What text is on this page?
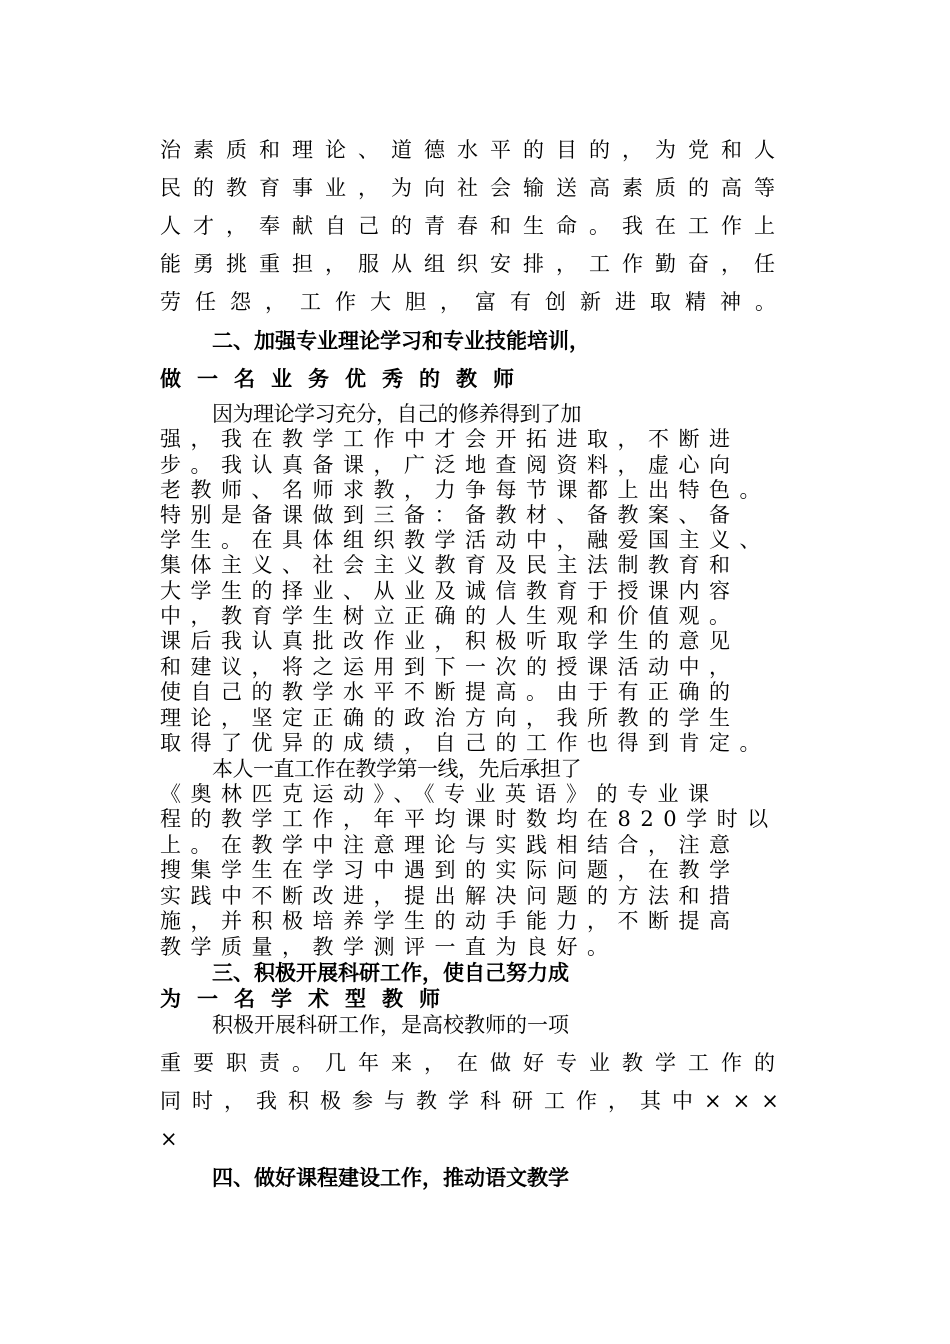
治素质和理论、道德水平的目的，为党和人
民的教育事业，为向社会输送高素质的高等
人才，奉献自己的青春和生命。我在工作上
能勇挑重担，服从组织安排，工作勤奋，任
劳任怨，工作大胆，富有创新进取精神。
二、加强专业理论学习和专业技能培训，
做一名业务优秀的教师
因为理论学习充分，自己的修养得到了加
强，我在教学工作中才会开拓进取，不断进
步。我认真备课，广泛地查阅资料，虚心向
老教师、名师求教，力争每节课都上出特色。
特别是备课做到三备：备教材、备教案、备
学生。在具体组织教学活动中，融爱国主义、
集体主义、社会主义教育及民主法制教育和
大学生的择业、从业及诚信教育于授课内容
中，教育学生树立正确的人生观和价值观。
课后我认真批改作业，积极听取学生的意见
和建议，将之运用到下一次的授课活动中，
使自己的教学水平不断提高。由于有正确的
理论，坚定正确的政治方向，我所教的学生
取得了优异的成绩，自己的工作也得到肯定。
本人一直工作在教学第一线，先后承担了
《奥林匹克运动》、《专业英语》的专业课
程的教学工作，年平均课时数均在820学时以
上。在教学中注意理论与实践相结合，注意
搜集学生在学习中遇到的实际问题，在教学
实践中不断改进，提出解决问题的方法和措
施，并积极培养学生的动手能力，不断提高
教学质量，教学测评一直为良好。
三、积极开展科研工作，使自己努力成
为一名学术型教师
积极开展科研工作，是高校教师的一项
重要职责。几年来，在做好专业教学工作的
同时，我积极参与教学科研工作，其中×××
×
四、做好课程建设工作，推动语文教学
